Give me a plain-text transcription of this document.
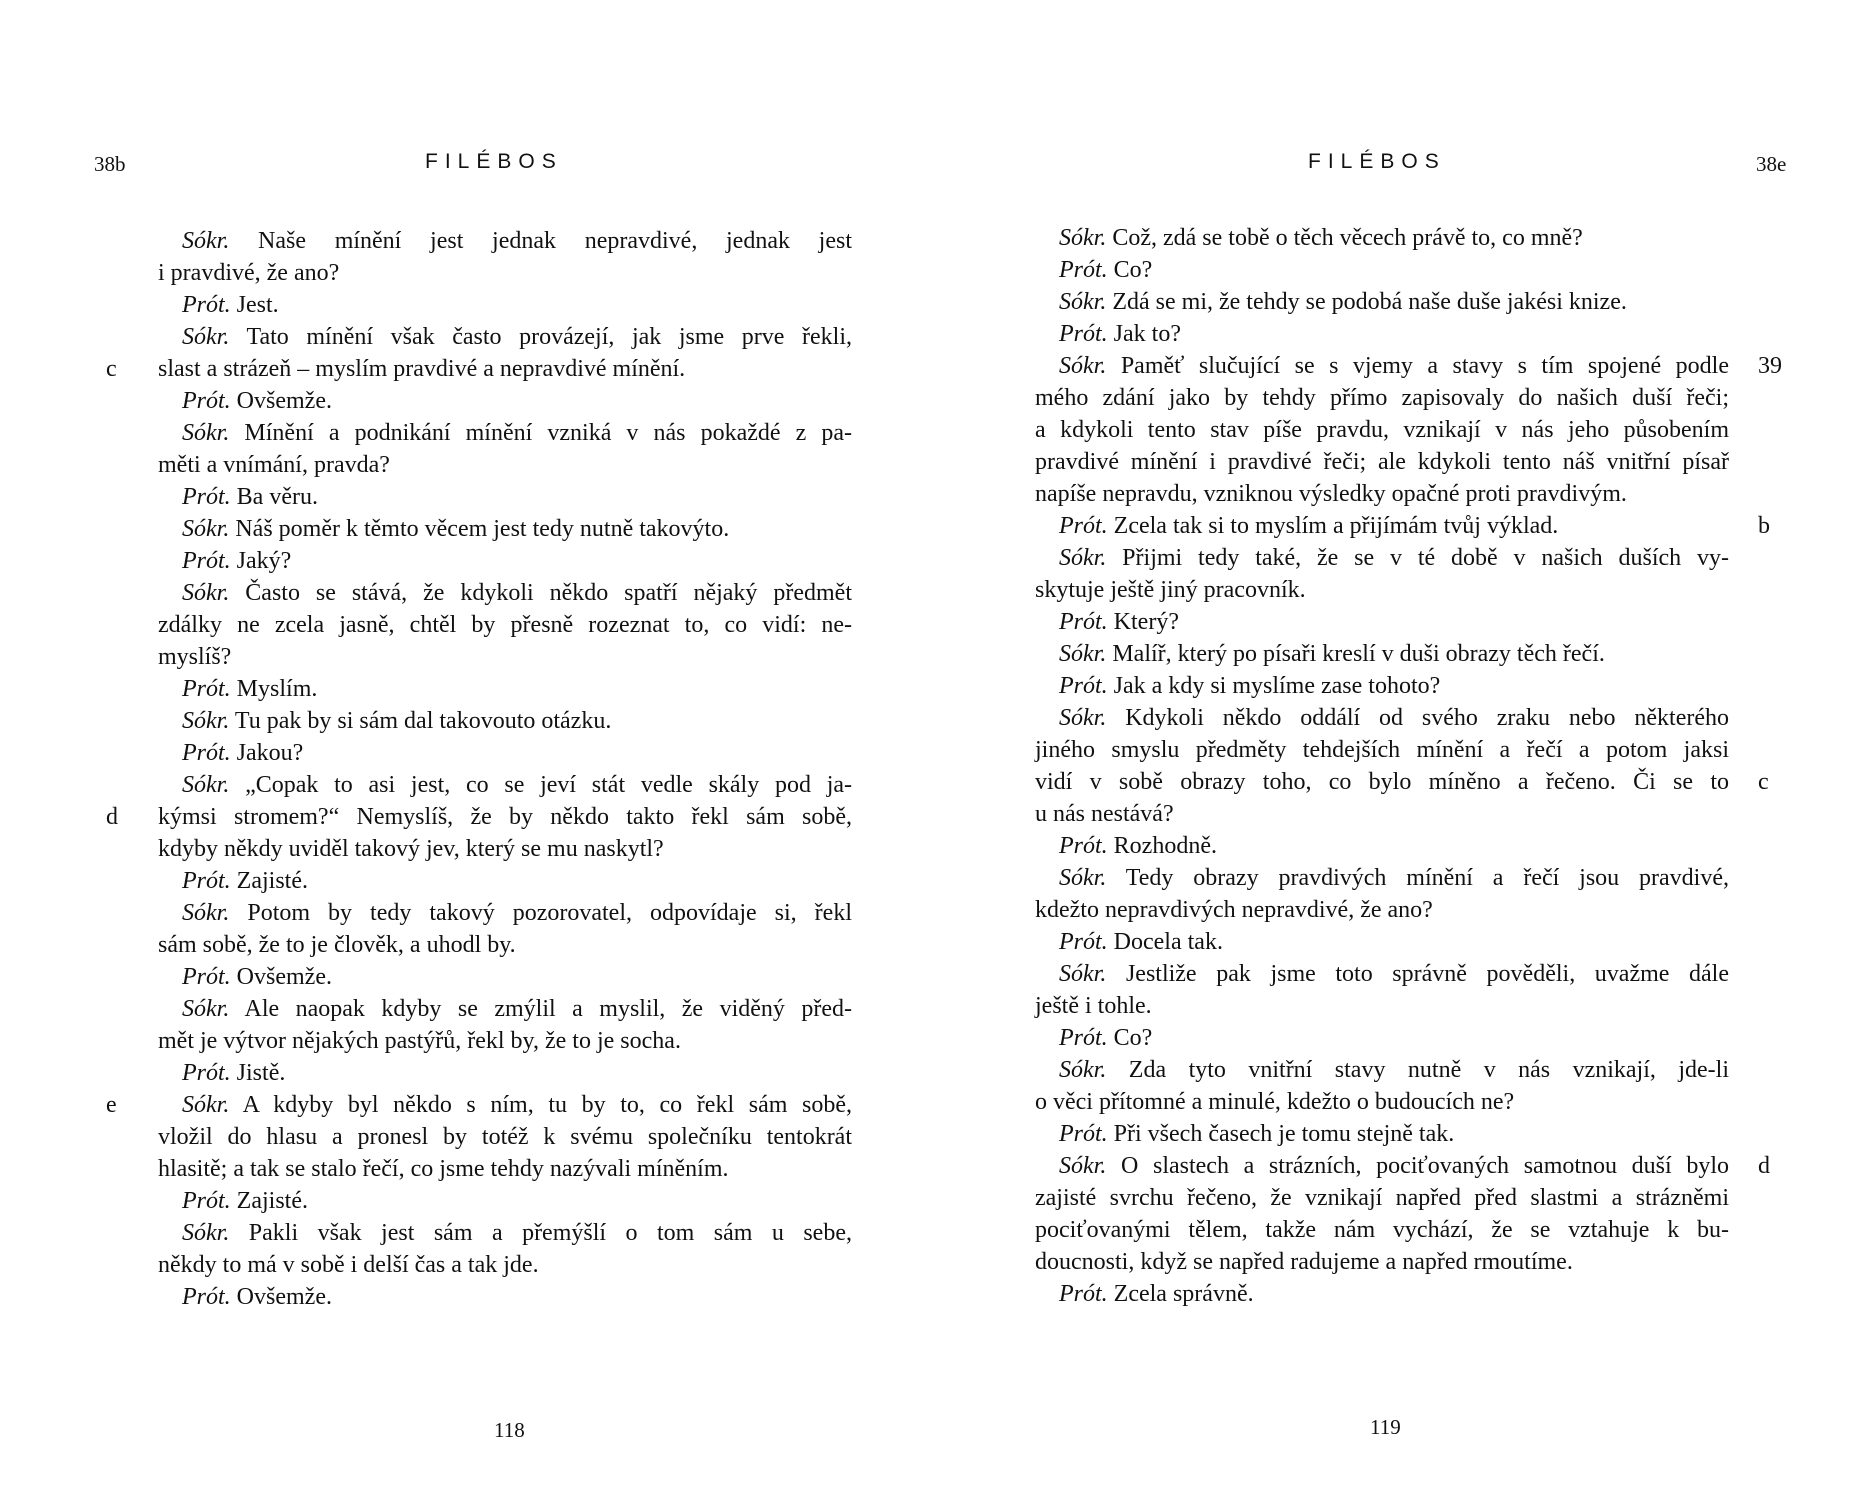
38b	FILÉBOS
Sókr. Naše mínění jest jednak nepravdivé, jednak jest
i pravdivé, že ano?
Prót. Jest.
Sókr. Tato mínění však často provázejí, jak jsme prve řekli,
c slast a strázeň – myslím pravdivé a nepravdivé mínění.
Prót. Ovšemže.
Sókr. Mínění a podnikání mínění vzniká v nás pokaždé z pa-
měti a vnímání, pravda?
Prót. Ba věru.
Sókr. Náš poměr k těmto věcem jest tedy nutně takovýto.
Prót. Jaký?
Sókr. Často se stává, že kdykoli někdo spatří nějaký předmět
zdálky ne zcela jasně, chtěl by přesně rozeznat to, co vidí: ne-
myslíš?
Prót. Myslím.
Sókr. Tu pak by si sám dal takovouto otázku.
Prót. Jakou?
Sókr. „Copak to asi jest, co se jeví stát vedle skály pod ja-
d kýmsi stromem?“ Nemyslíš, že by někdo takto řekl sám sobě,
kdyby někdy uviděl takový jev, který se mu naskytl?
Prót. Zajisté.
Sókr. Potom by tedy takový pozorovatel, odpovídaje si, řekl
sám sobě, že to je člověk, a uhodl by.
Prót. Ovšemže.
Sókr. Ale naopak kdyby se zmýlil a myslil, že viděný před-
mět je výtvor nějakých pastýřů, řekl by, že to je socha.
Prót. Jistě.
e	Sókr. A kdyby byl někdo s ním, tu by to, co řekl sám sobě,
vložil do hlasu a pronesl by totéž k svému společníku tentokrát
hlasitě; a tak se stalo řečí, co jsme tehdy nazývali míněním.
Prót. Zajisté.
Sókr. Pakli však jest sám a přemýšlí o tom sám u sebe,
někdy to má v sobě i delší čas a tak jde.
Prót. Ovšemže.
118
FILÉBOS	38e
Sókr. Což, zdá se tobě o těch věcech právě to, co mně?
Prót. Co?
Sókr. Zdá se mi, že tehdy se podobá naše duše jakési knize.
Prót. Jak to?
39
Sókr. Paměť slučující se s vjemy a stavy s tím spojené podle
mého zdání jako by tehdy přímo zapisovaly do našich duší řeči;
a kdykoli tento stav píše pravdu, vznikají v nás jeho působením
pravdivé mínění i pravdivé řeči; ale kdykoli tento náš vnitřní písař
napíše nepravdu, vzniknou výsledky opačné proti pravdivým.
b
Prót. Zcela tak si to myslím a přijímám tvůj výklad.
Sókr. Přijmi tedy také, že se v té době v našich duších vy-
skytuje ještě jiný pracovník.
Prót. Který?
Sókr. Malíř, který po písaři kreslí v duši obrazy těch řečí.
Prót. Jak a kdy si myslíme zase tohoto?
Sókr. Kdykoli někdo oddálí od svého zraku nebo některého
jiného smyslu předměty tehdejších mínění a řečí a potom jaksi
c
vidí v sobě obrazy toho, co bylo míněno a řečeno. Či se to
u nás nestává?
Prót. Rozhodně.
Sókr. Tedy obrazy pravdivých mínění a řečí jsou pravdivé,
kdežto nepravdivých nepravdivé, že ano?
Prót. Docela tak.
Sókr. Jestliže pak jsme toto správně pověděli, uvažme dále
ještě i tohle.
Prót. Co?
Sókr. Zda tyto vnitřní stavy nutně v nás vznikají, jde-li
o věci přítomné a minulé, kdežto o budoucích ne?
Prót. Při všech časech je tomu stejně tak.
d
Sókr. O slastech a strázních, pociťovaných samotnou duší bylo
zajisté svrchu řečeno, že vznikají napřed před slastmi a strázněmi
pociťovanými tělem, takže nám vychází, že se vztahuje k bu-
doucnosti, když se napřed radujeme a napřed rmoutíme.
Prót. Zcela správně.
119
